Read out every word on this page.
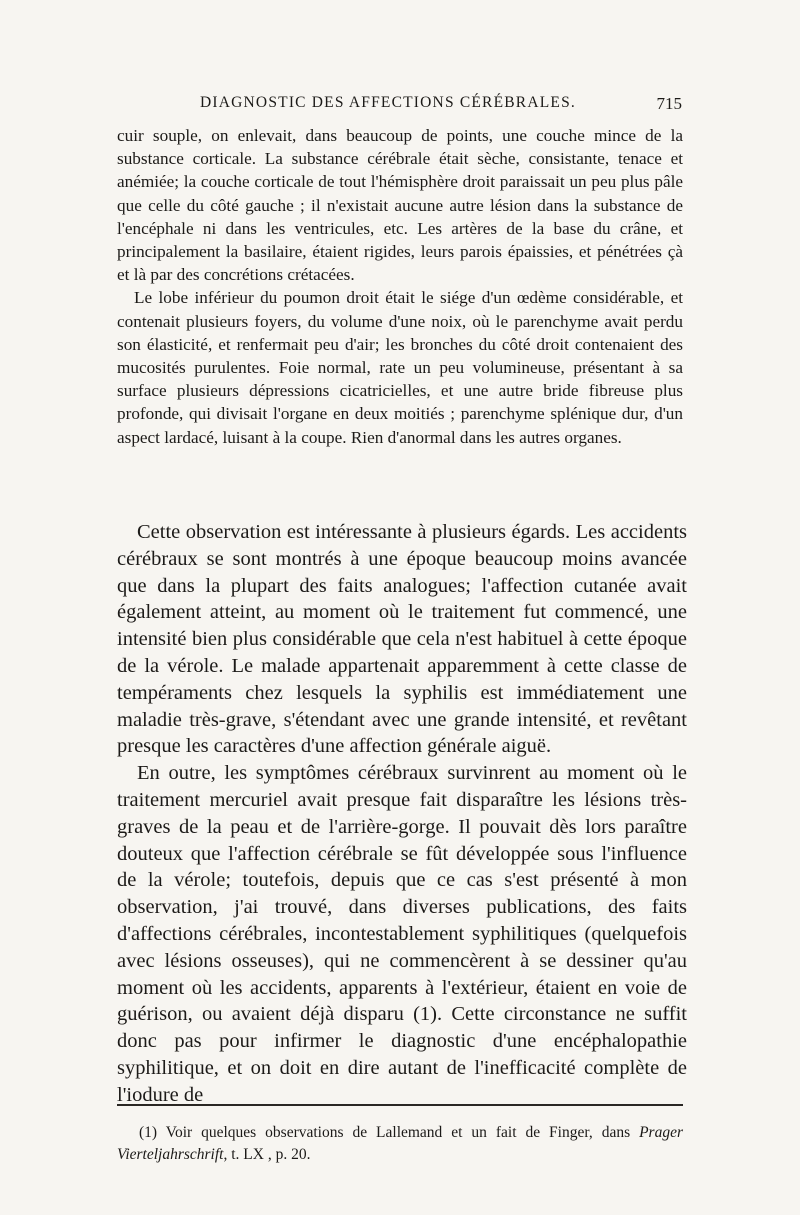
DIAGNOSTIC DES AFFECTIONS CÉRÉBRALES.	715

cuir souple, on enlevait, dans beaucoup de points, une couche mince de la substance corticale. La substance cérébrale était sèche, consistante, tenace et anémiée; la couche corticale de tout l'hémisphère droit paraissait un peu plus pâle que celle du côté gauche ; il n'existait aucune autre lésion dans la substance de l'encéphale ni dans les ventricules, etc. Les artères de la base du crâne, et principalement la basilaire, étaient rigides, leurs parois épaissies, et pénétrées çà et là par des concrétions crétacées.

Le lobe inférieur du poumon droit était le siége d'un œdème considérable, et contenait plusieurs foyers, du volume d'une noix, où le parenchyme avait perdu son élasticité, et renfermait peu d'air; les bronches du côté droit contenaient des mucosités purulentes. Foie normal, rate un peu volumineuse, présentant à sa surface plusieurs dépressions cicatricielles, et une autre bride fibreuse plus profonde, qui divisait l'organe en deux moitiés ; parenchyme splénique dur, d'un aspect lardacé, luisant à la coupe. Rien d'anormal dans les autres organes.

Cette observation est intéressante à plusieurs égards. Les accidents cérébraux se sont montrés à une époque beaucoup moins avancée que dans la plupart des faits analogues; l'affection cutanée avait également atteint, au moment où le traitement fut commencé, une intensité bien plus considérable que cela n'est habituel à cette époque de la vérole. Le malade appartenait apparemment à cette classe de tempéraments chez lesquels la syphilis est immédiatement une maladie très-grave, s'étendant avec une grande intensité, et revêtant presque les caractères d'une affection générale aiguë.

En outre, les symptômes cérébraux survinrent au moment où le traitement mercuriel avait presque fait disparaître les lésions très-graves de la peau et de l'arrière-gorge. Il pouvait dès lors paraître douteux que l'affection cérébrale se fût développée sous l'influence de la vérole; toutefois, depuis que ce cas s'est présenté à mon observation, j'ai trouvé, dans diverses publications, des faits d'affections cérébrales, incontestablement syphilitiques (quelquefois avec lésions osseuses), qui ne commencèrent à se dessiner qu'au moment où les accidents, apparents à l'extérieur, étaient en voie de guérison, ou avaient déjà disparu (1). Cette circonstance ne suffit donc pas pour infirmer le diagnostic d'une encéphalopathie syphilitique, et on doit en dire autant de l'inefficacité complète de l'iodure de

(1) Voir quelques observations de Lallemand et un fait de Finger, dans Prager Vierteljahrschrift, t. LX , p. 20.
